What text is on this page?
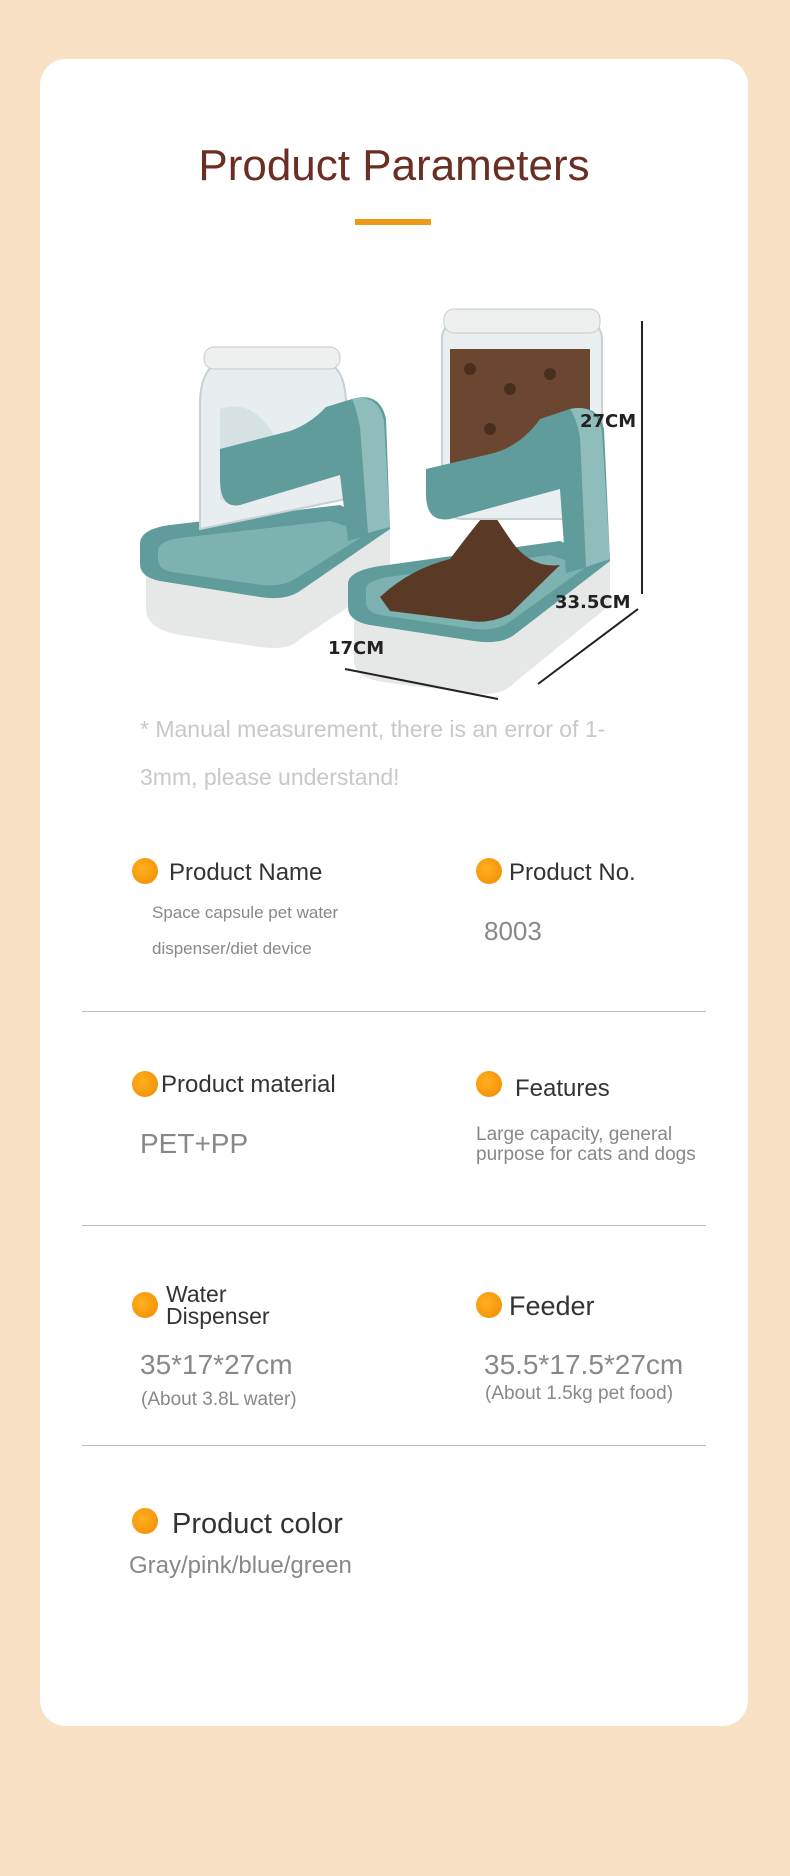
Product Parameters
27CM
33.5CM
17CM
* Manual measurement, there is an error of 1-3mm, please understand!
Product Name
Space capsule pet water dispenser/diet device
Product No.
8003
Product material
PET+PP
Features
Large capacity, general purpose for cats and dogs
Water Dispenser
35*17*27cm
(About 3.8L water)
Feeder
35.5*17.5*27cm
(About 1.5kg pet food)
Product color
Gray/pink/blue/green
